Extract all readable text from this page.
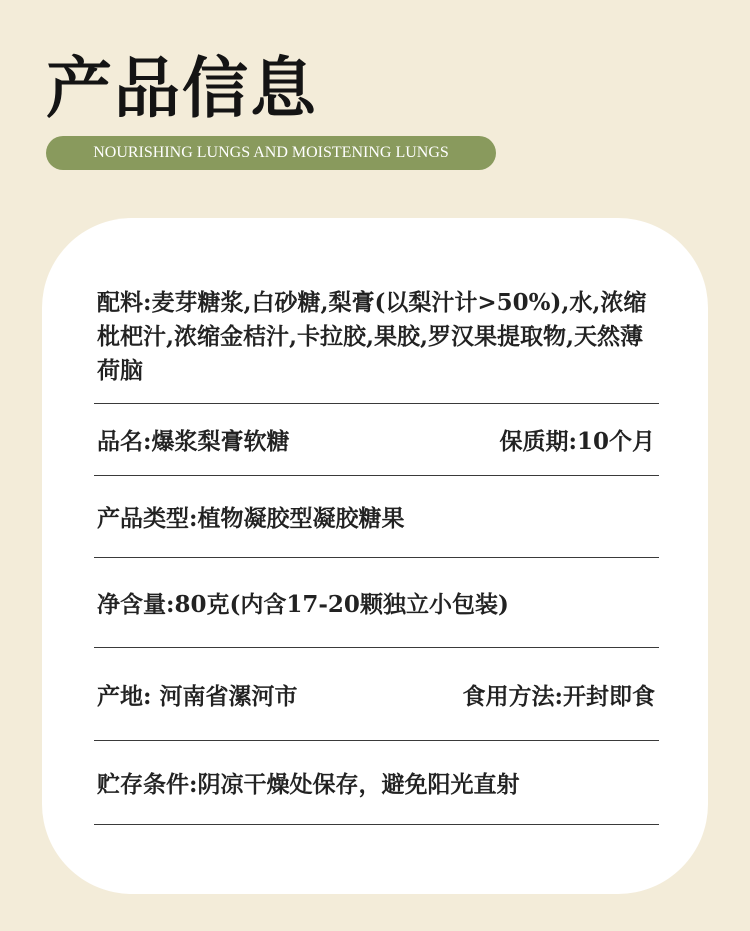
产品信息
NOURISHING LUNGS AND MOISTENING LUNGS
配料:麦芽糖浆,白砂糖,梨膏(以梨汁计>50%),水,浓缩枇杷汁,浓缩金桔汁,卡拉胶,果胶,罗汉果提取物,天然薄荷脑
品名:爆浆梨膏软糖	保质期:10个月
产品类型:植物凝胶型凝胶糖果
净含量:80克(内含17-20颗独立小包装)
产地: 河南省漯河市	食用方法:开封即食
贮存条件:阴凉干燥处保存，避免阳光直射
